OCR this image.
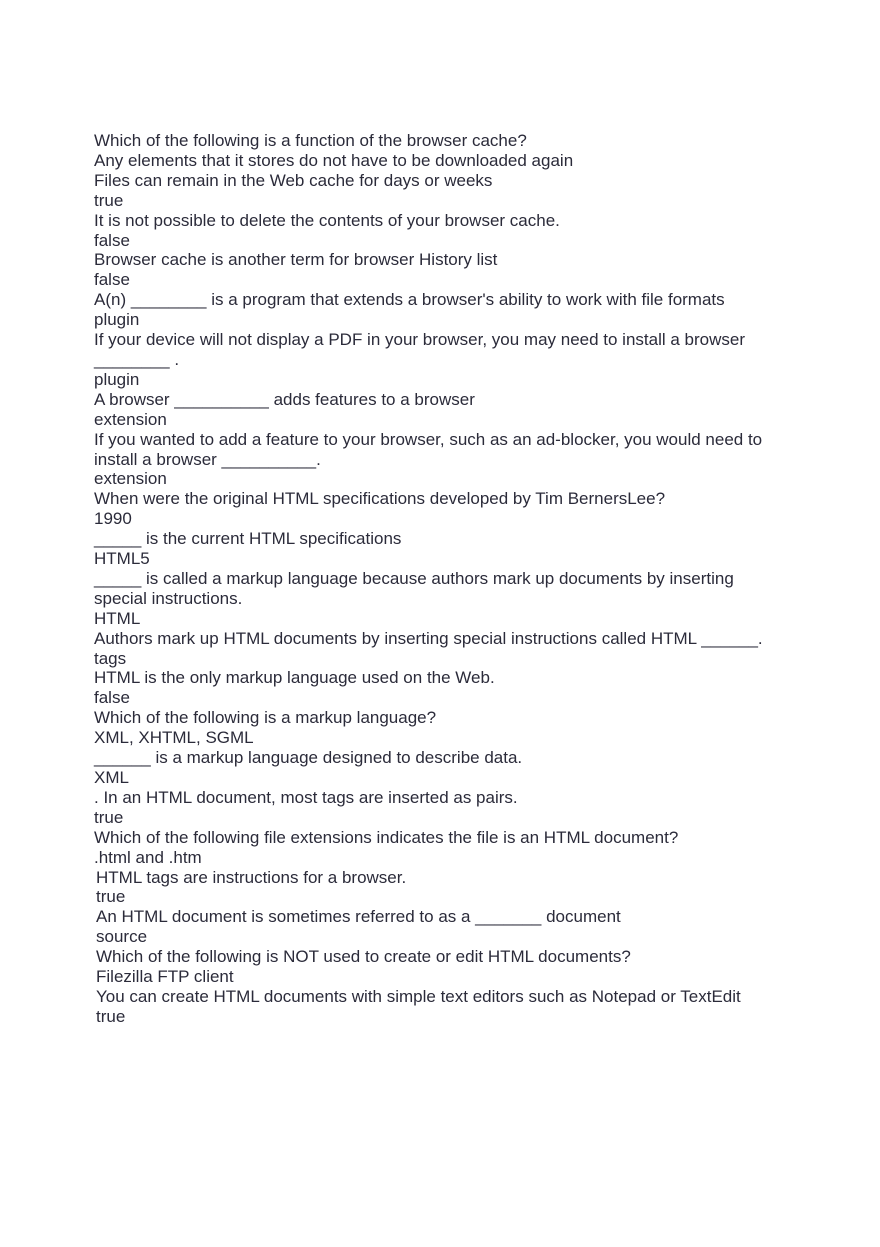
Which of the following is a function of the browser cache?
Any elements that it stores do not have to be downloaded again
Files can remain in the Web cache for days or weeks
true
It is not possible to delete the contents of your browser cache.
false
Browser cache is another term for browser History list
false
A(n) ________ is a program that extends a browser's ability to work with file formats
plugin
If your device will not display a PDF in your browser, you may need to install a browser ________ .
plugin
A browser __________ adds features to a browser
extension
If you wanted to add a feature to your browser, such as an ad-blocker, you would need to install a browser __________.
extension
When were the original HTML specifications developed by Tim BernersLee?
1990
_____ is the current HTML specifications
HTML5
_____ is called a markup language because authors mark up documents by inserting special instructions.
HTML
Authors mark up HTML documents by inserting special instructions called HTML ______.
tags
HTML is the only markup language used on the Web.
false
Which of the following is a markup language?
XML, XHTML, SGML
______ is a markup language designed to describe data.
XML
. In an HTML document, most tags are inserted as pairs.
true
Which of the following file extensions indicates the file is an HTML document?
.html and .htm
HTML tags are instructions for a browser.
true
An HTML document is sometimes referred to as a _______ document
source
Which of the following is NOT used to create or edit HTML documents?
Filezilla FTP client
You can create HTML documents with simple text editors such as Notepad or TextEdit
true
